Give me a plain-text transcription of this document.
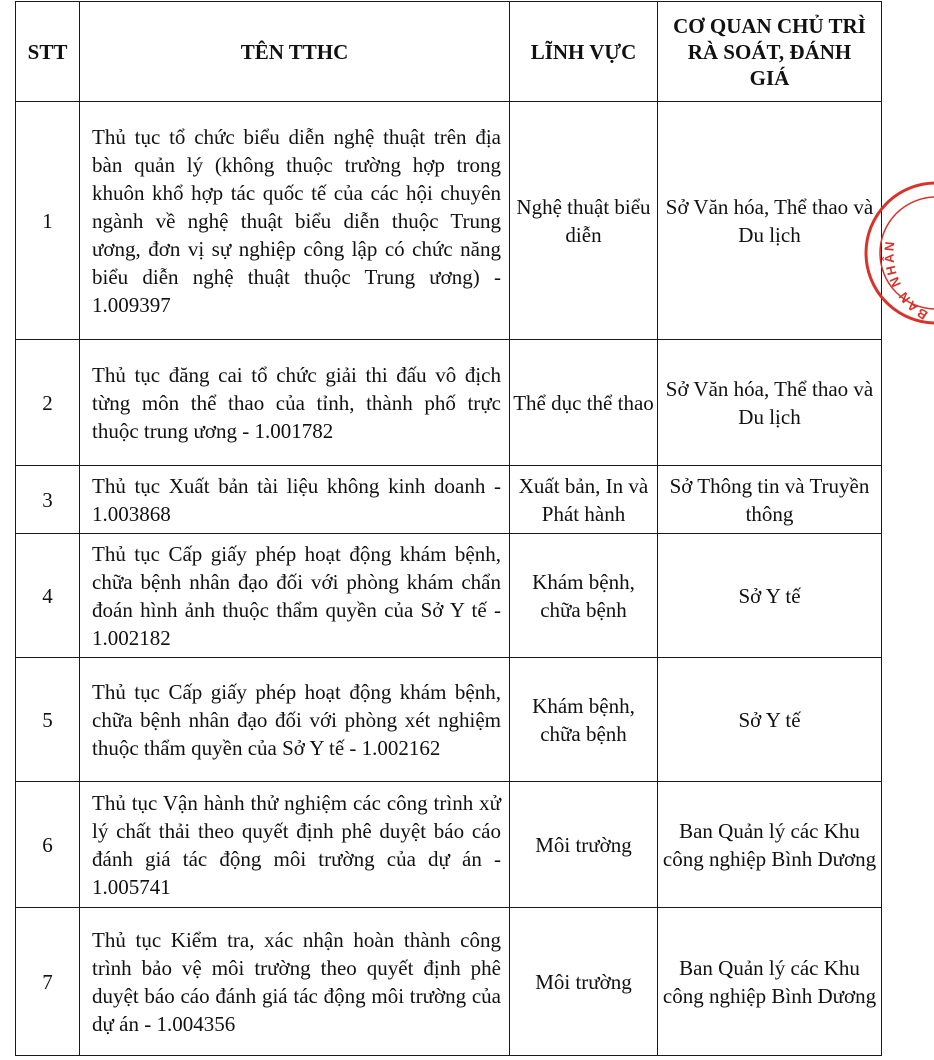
STT	TÊN TTHC	LĨNH VỰC	CƠ QUAN CHỦ TRÌ RÀ SOÁT, ĐÁNH GIÁ
1	Thủ tục tổ chức biểu diễn nghệ thuật trên địa bàn quản lý (không thuộc trường hợp trong khuôn khổ hợp tác quốc tế của các hội chuyên ngành về nghệ thuật biểu diễn thuộc Trung ương, đơn vị sự nghiệp công lập có chức năng biểu diễn nghệ thuật thuộc Trung ương) - 1.009397	Nghệ thuật biểu diễn	Sở Văn hóa, Thể thao và Du lịch
2	Thủ tục đăng cai tổ chức giải thi đấu vô địch từng môn thể thao của tỉnh, thành phố trực thuộc trung ương - 1.001782	Thể dục thể thao	Sở Văn hóa, Thể thao và Du lịch
3	Thủ tục Xuất bản tài liệu không kinh doanh - 1.003868	Xuất bản, In và Phát hành	Sở Thông tin và Truyền thông
4	Thủ tục Cấp giấy phép hoạt động khám bệnh, chữa bệnh nhân đạo đối với phòng khám chẩn đoán hình ảnh thuộc thẩm quyền của Sở Y tế - 1.002182	Khám bệnh, chữa bệnh	Sở Y tế
5	Thủ tục Cấp giấy phép hoạt động khám bệnh, chữa bệnh nhân đạo đối với phòng xét nghiệm thuộc thẩm quyền của Sở Y tế - 1.002162	Khám bệnh, chữa bệnh	Sở Y tế
6	Thủ tục Vận hành thử nghiệm các công trình xử lý chất thải theo quyết định phê duyệt báo cáo đánh giá tác động môi trường của dự án - 1.005741	Môi trường	Ban Quản lý các Khu công nghiệp Bình Dương
7	Thủ tục Kiểm tra, xác nhận hoàn thành công trình bảo vệ môi trường theo quyết định phê duyệt báo cáo đánh giá tác động môi trường của dự án - 1.004356	Môi trường	Ban Quản lý các Khu công nghiệp Bình Dương
BAN NHÂN
